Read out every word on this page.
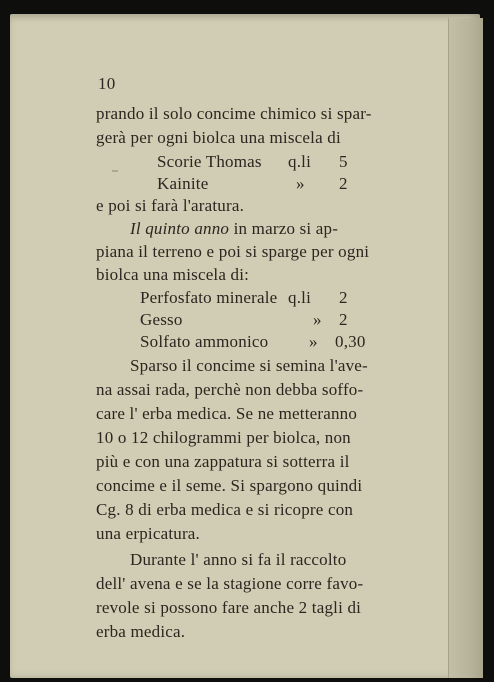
10
prando il solo concime chimico si spar-
gerà per ogni biolca una miscela di
Scorie Thomas q.li 5
Kainite	» 2
e poi si farà l'aratura.
Il quinto anno in marzo si ap-
piana il terreno e poi si sparge per ogni
biolca una miscela di:
Perfosfato minerale q.li 2
Gesso	» 2
Solfato ammonico » 0,30
Sparso il concime si semina l'ave-
na assai rada, perchè non debba soffo-
care l' erba medica. Se ne metteranno
10 o 12 chilogrammi per biolca, non
più e con una zappatura si sotterra il
concime e il seme. Si spargono quindi
Cg. 8 di erba medica e si ricopre con
una erpicatura.
Durante l' anno si fa il raccolto
dell' avena e se la stagione corre favo-
revole si possono fare anche 2 tagli di
erba medica.
